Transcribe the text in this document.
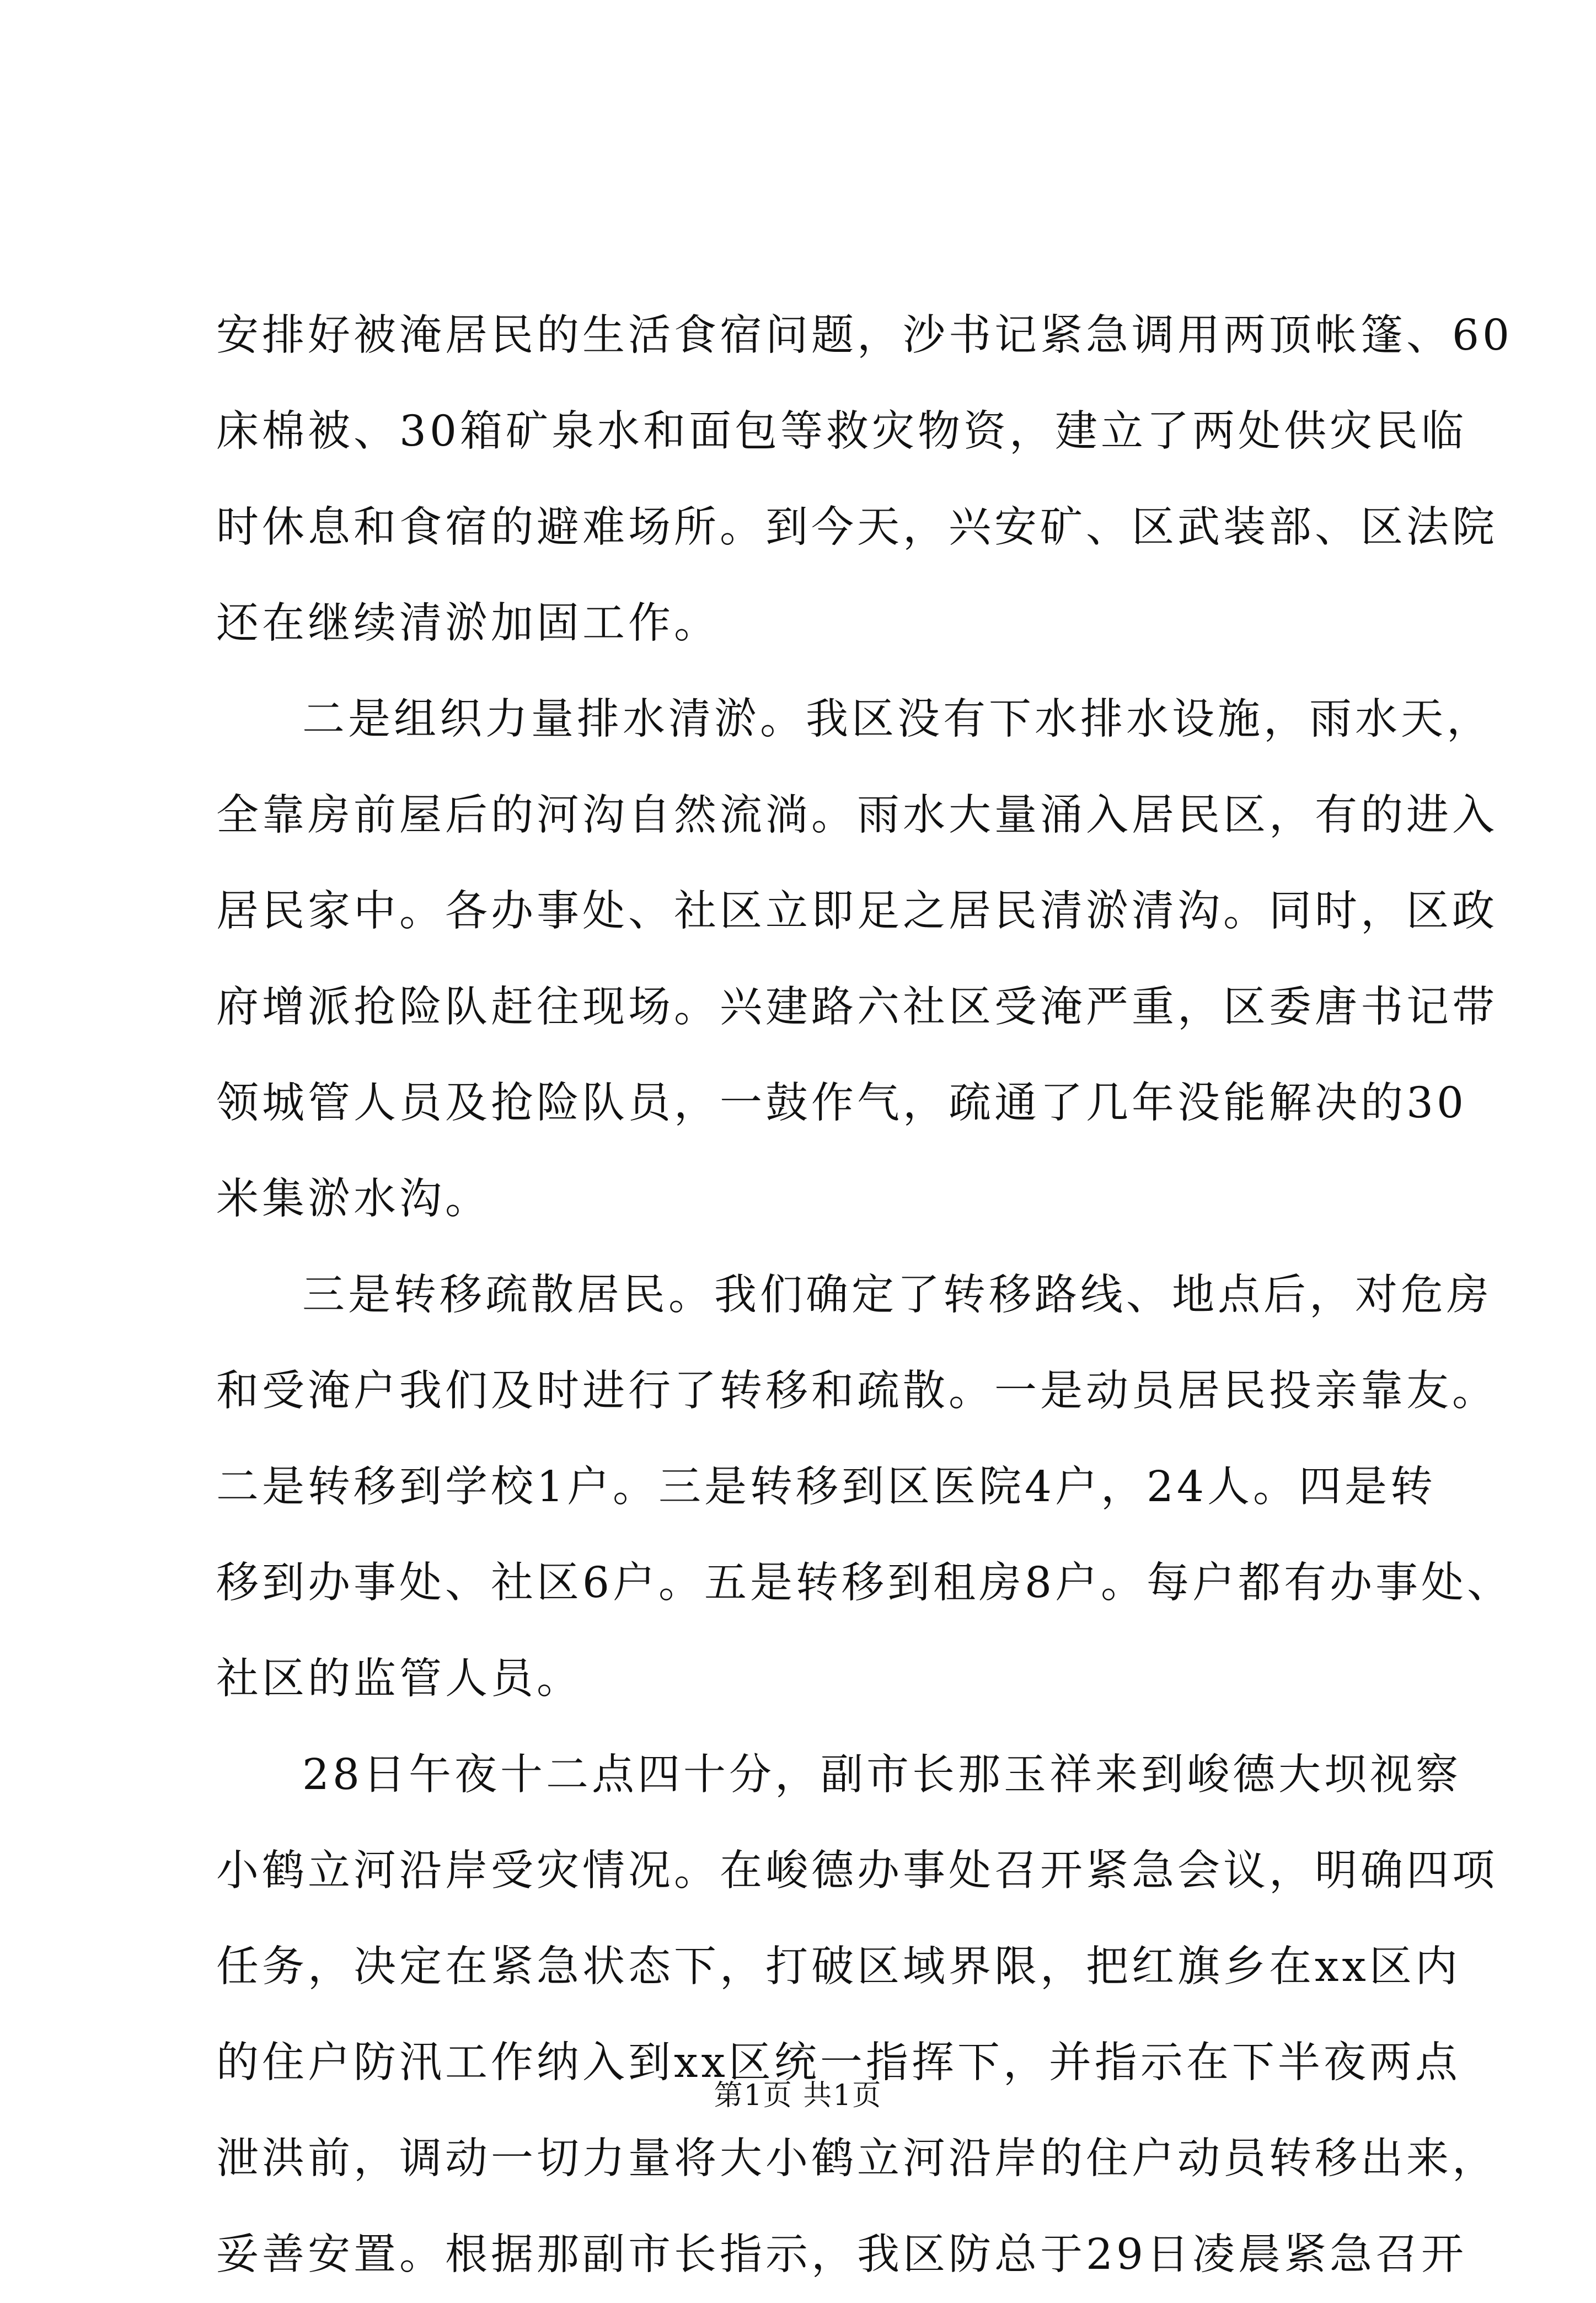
安排好被淹居民的生活食宿问题，沙书记紧急调用两顶帐篷、60
床棉被、30箱矿泉水和面包等救灾物资，建立了两处供灾民临
时休息和食宿的避难场所。到今天，兴安矿、区武装部、区法院
还在继续清淤加固工作。
二是组织力量排水清淤。我区没有下水排水设施，雨水天，
全靠房前屋后的河沟自然流淌。雨水大量涌入居民区，有的进入
居民家中。各办事处、社区立即足之居民清淤清沟。同时，区政
府增派抢险队赶往现场。兴建路六社区受淹严重，区委唐书记带
领城管人员及抢险队员，一鼓作气，疏通了几年没能解决的30
米集淤水沟。
三是转移疏散居民。我们确定了转移路线、地点后，对危房
和受淹户我们及时进行了转移和疏散。一是动员居民投亲靠友。
二是转移到学校1户。三是转移到区医院4户，24人。四是转
移到办事处、社区6户。五是转移到租房8户。每户都有办事处、
社区的监管人员。
28日午夜十二点四十分，副市长那玉祥来到峻德大坝视察
小鹤立河沿岸受灾情况。在峻德办事处召开紧急会议，明确四项
任务，决定在紧急状态下，打破区域界限，把红旗乡在xx区内
的住户防汛工作纳入到xx区统一指挥下，并指示在下半夜两点
泄洪前，调动一切力量将大小鹤立河沿岸的住户动员转移出来，
妥善安置。根据那副市长指示，我区防总于29日凌晨紧急召开
第1页 共1页
